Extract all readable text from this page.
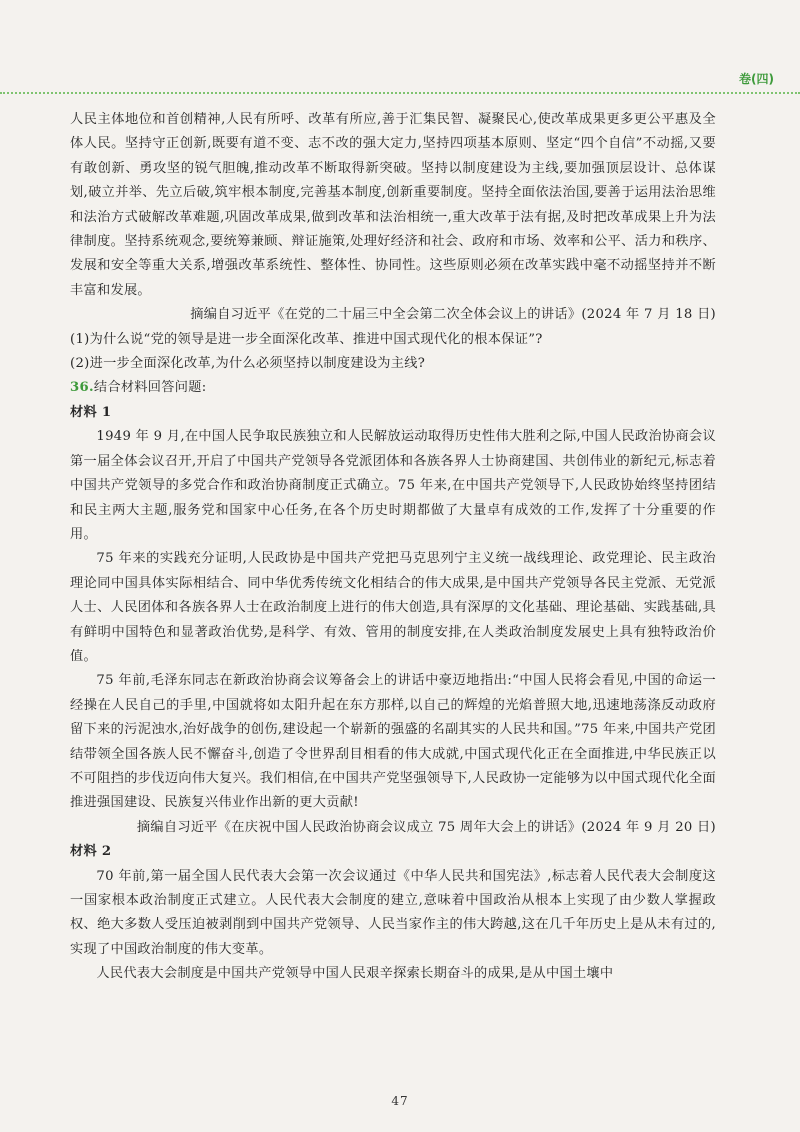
卷(四)

人民主体地位和首创精神,人民有所呼、改革有所应,善于汇集民智、凝聚民心,使改革成果更多更公平惠及全体人民。坚持守正创新,既要有道不变、志不改的强大定力,坚持四项基本原则、坚定“四个自信”不动摇,又要有敢创新、勇攻坚的锐气胆魄,推动改革不断取得新突破。坚持以制度建设为主线,要加强顶层设计、总体谋划,破立并举、先立后破,筑牢根本制度,完善基本制度,创新重要制度。坚持全面依法治国,要善于运用法治思维和法治方式破解改革难题,巩固改革成果,做到改革和法治相统一,重大改革于法有据,及时把改革成果上升为法律制度。坚持系统观念,要统筹兼顾、辩证施策,处理好经济和社会、政府和市场、效率和公平、活力和秩序、发展和安全等重大关系,增强改革系统性、整体性、协同性。这些原则必须在改革实践中毫不动摇坚持并不断丰富和发展。

摘编自习近平《在党的二十届三中全会第二次全体会议上的讲话》(2024 年 7 月 18 日)

(1)为什么说“党的领导是进一步全面深化改革、推进中国式现代化的根本保证”?

(2)进一步全面深化改革,为什么必须坚持以制度建设为主线?

36.结合材料回答问题:

材料 1

1949 年 9 月,在中国人民争取民族独立和人民解放运动取得历史性伟大胜利之际,中国人民政治协商会议第一届全体会议召开,开启了中国共产党领导各党派团体和各族各界人士协商建国、共创伟业的新纪元,标志着中国共产党领导的多党合作和政治协商制度正式确立。75 年来,在中国共产党领导下,人民政协始终坚持团结和民主两大主题,服务党和国家中心任务,在各个历史时期都做了大量卓有成效的工作,发挥了十分重要的作用。

75 年来的实践充分证明,人民政协是中国共产党把马克思列宁主义统一战线理论、政党理论、民主政治理论同中国具体实际相结合、同中华优秀传统文化相结合的伟大成果,是中国共产党领导各民主党派、无党派人士、人民团体和各族各界人士在政治制度上进行的伟大创造,具有深厚的文化基础、理论基础、实践基础,具有鲜明中国特色和显著政治优势,是科学、有效、管用的制度安排,在人类政治制度发展史上具有独特政治价值。

75 年前,毛泽东同志在新政治协商会议筹备会上的讲话中豪迈地指出:“中国人民将会看见,中国的命运一经操在人民自己的手里,中国就将如太阳升起在东方那样,以自己的辉煌的光焰普照大地,迅速地荡涤反动政府留下来的污泥浊水,治好战争的创伤,建设起一个崭新的强盛的名副其实的人民共和国。”75 年来,中国共产党团结带领全国各族人民不懈奋斗,创造了令世界刮目相看的伟大成就,中国式现代化正在全面推进,中华民族正以不可阻挡的步伐迈向伟大复兴。我们相信,在中国共产党坚强领导下,人民政协一定能够为以中国式现代化全面推进强国建设、民族复兴伟业作出新的更大贡献!

摘编自习近平《在庆祝中国人民政治协商会议成立 75 周年大会上的讲话》(2024 年 9 月 20 日)

材料 2

70 年前,第一届全国人民代表大会第一次会议通过《中华人民共和国宪法》,标志着人民代表大会制度这一国家根本政治制度正式建立。人民代表大会制度的建立,意味着中国政治从根本上实现了由少数人掌握政权、绝大多数人受压迫被剥削到中国共产党领导、人民当家作主的伟大跨越,这在几千年历史上是从未有过的,实现了中国政治制度的伟大变革。

人民代表大会制度是中国共产党领导中国人民艰辛探索长期奋斗的成果,是从中国土壤中

47
